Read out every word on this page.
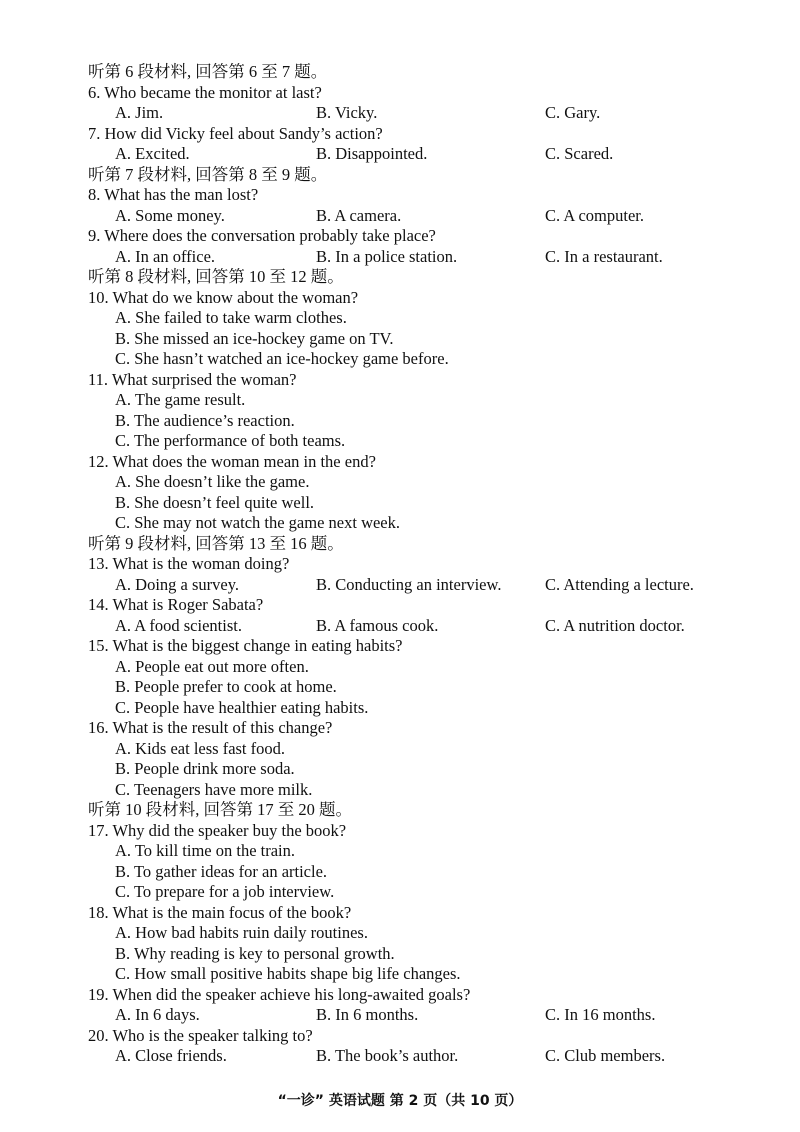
听第 6 段材料, 回答第 6 至 7 题。
6. Who became the monitor at last?
A. Jim.	B. Vicky.	C. Gary.
7. How did Vicky feel about Sandy’s action?
A. Excited.	B. Disappointed.	C. Scared.
听第 7 段材料, 回答第 8 至 9 题。
8. What has the man lost?
A. Some money.	B. A camera.	C. A computer.
9. Where does the conversation probably take place?
A. In an office.	B. In a police station.	C. In a restaurant.
听第 8 段材料, 回答第 10 至 12 题。
10. What do we know about the woman?
A. She failed to take warm clothes.
B. She missed an ice-hockey game on TV.
C. She hasn’t watched an ice-hockey game before.
11. What surprised the woman?
A. The game result.
B. The audience’s reaction.
C. The performance of both teams.
12. What does the woman mean in the end?
A. She doesn’t like the game.
B. She doesn’t feel quite well.
C. She may not watch the game next week.
听第 9 段材料, 回答第 13 至 16 题。
13. What is the woman doing?
A. Doing a survey.	B. Conducting an interview.	C. Attending a lecture.
14. What is Roger Sabata?
A. A food scientist.	B. A famous cook.	C. A nutrition doctor.
15. What is the biggest change in eating habits?
A. People eat out more often.
B. People prefer to cook at home.
C. People have healthier eating habits.
16. What is the result of this change?
A. Kids eat less fast food.
B. People drink more soda.
C. Teenagers have more milk.
听第 10 段材料, 回答第 17 至 20 题。
17. Why did the speaker buy the book?
A. To kill time on the train.
B. To gather ideas for an article.
C. To prepare for a job interview.
18. What is the main focus of the book?
A. How bad habits ruin daily routines.
B. Why reading is key to personal growth.
C. How small positive habits shape big life changes.
19. When did the speaker achieve his long-awaited goals?
A. In 6 days.	B. In 6 months.	C. In 16 months.
20. Who is the speaker talking to?
A. Close friends.	B. The book’s author.	C. Club members.
“一诊” 英语试题 第 2 页（共 10 页）
